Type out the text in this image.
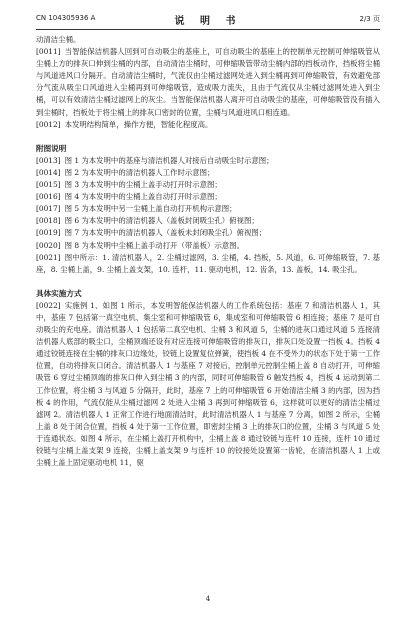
CN 104305936 A	说 明 书	2/3 页

动清洁尘桶。

[0011] 当智能保洁机器人回到可自动吸尘的基座上，可自动吸尘的基座上的控制单元控制可伸缩吸管从尘桶上方的排灰口伸到尘桶的内部，自动清洁尘桶时，可伸缩吸管带动尘桶内部的挡板动作，挡板将尘桶与风道进风口分隔开。自动清洁尘桶时，气流仅由尘桶过滤网处进入到尘桶再到可伸缩吸管，有效避免部分气流从吸尘口风道进入尘桶再到可伸缩吸管，造成吸力流失，且由于气流仅从尘桶过滤网处进入到尘桶，可以有效清洁尘桶过滤网上的灰尘。当智能保洁机器人离开可自动吸尘的基座，可伸缩吸管没有插入到尘桶时，挡板处于将尘桶上的排灰口密封的位置，尘桶与风道进风口相连通。

[0012] 本发明结构简单，操作方便，智能化程度高。

附图说明

[0013] 图 1 为本发明中的基座与清洁机器人对接后自动吸尘时示意图；

[0014] 图 2 为本发明中的清洁机器人工作时示意图；

[0015] 图 3 为本发明中的尘桶上盖手动打开时示意图；

[0016] 图 4 为本发明中的尘桶上盖自动打开时示意图；

[0017] 图 5 为本发明中另一尘桶上盖自动打开机构示意图；

[0018] 图 6 为本发明中的清洁机器人（盖板封闭吸尘孔）俯视图；

[0019] 图 7 为本发明中的清洁机器人（盖板未封闭吸尘孔）俯视图；

[0020] 图 8 为本发明中尘桶上盖手动打开（带盖板）示意图。

[0021] 图中所示：1. 清洁机器人，2. 尘桶过滤网，3. 尘桶，4. 挡板，5. 风道，6. 可伸缩吸管，7. 基座，8. 尘桶上盖，9. 尘桶上盖支架，10. 连杆，11. 驱动电机，12. 齿条，13. 盖板，14. 吸尘孔。

具体实施方式

[0022] 实施例 1、如图 1 所示，本发明智能保洁机器人的工作系统包括：基座 7 和清洁机器人 1，其中，基座 7 包括第一真空电机、集尘室和可伸缩吸管 6，集成室和可伸缩吸管 6 相连接；基座 7 是可自动吸尘的充电座。清洁机器人 1 包括第二真空电机、尘桶 3 和风道 5，尘桶的进灰口通过风道 5 连接清洁机器人底部的吸尘口，尘桶顶端还设有对应连接可伸缩吸管的排灰口，排灰口处设置一挡板 4。挡板 4 通过铰链连接在尘桶的排灰口边缘处，铰链上设置复位弹簧，使挡板 4 在不受外力的状态下处于第一工作位置，自动将排灰口闭合。清洁机器人 1 与基座 7 对接后，控制单元控制尘桶上盖 8 自动打开，可伸缩吸管 6 穿过尘桶顶端的排灰口伸入到尘桶 3 的内部，同时可伸缩吸管 6 触发挡板 4，挡板 4 运动到第二工作位置，将尘桶 3 与风道 5 分隔开，此时，基座 7 上的可伸缩吸管 6 开始清洁尘桶 3 的内部，因为挡板 4 的作用，气流仅能从尘桶过滤网 2 处进入尘桶 3 再到可伸缩吸管 6，这样就可以更好的清洁尘桶过滤网 2。清洁机器人 1 正常工作进行地面清洁时，此时清洁机器人 1 与基座 7 分离，如图 2 所示，尘桶上盖 8 处于闭合位置，挡板 4 处于第一工作位置，即密封尘桶 3 上的排灰口的位置，尘桶 3 与风道 5 处于连通状态。如图 4 所示，在尘桶上盖打开机构中，尘桶上盖 8 通过铰链与连杆 10 连接，连杆 10 通过铰链与尘桶上盖支架 9 连接，尘桶上盖支架 9 与连杆 10 的铰接处设置第一齿轮，在清洁机器人 1 上或尘桶上盖上固定驱动电机 11，驱

4
